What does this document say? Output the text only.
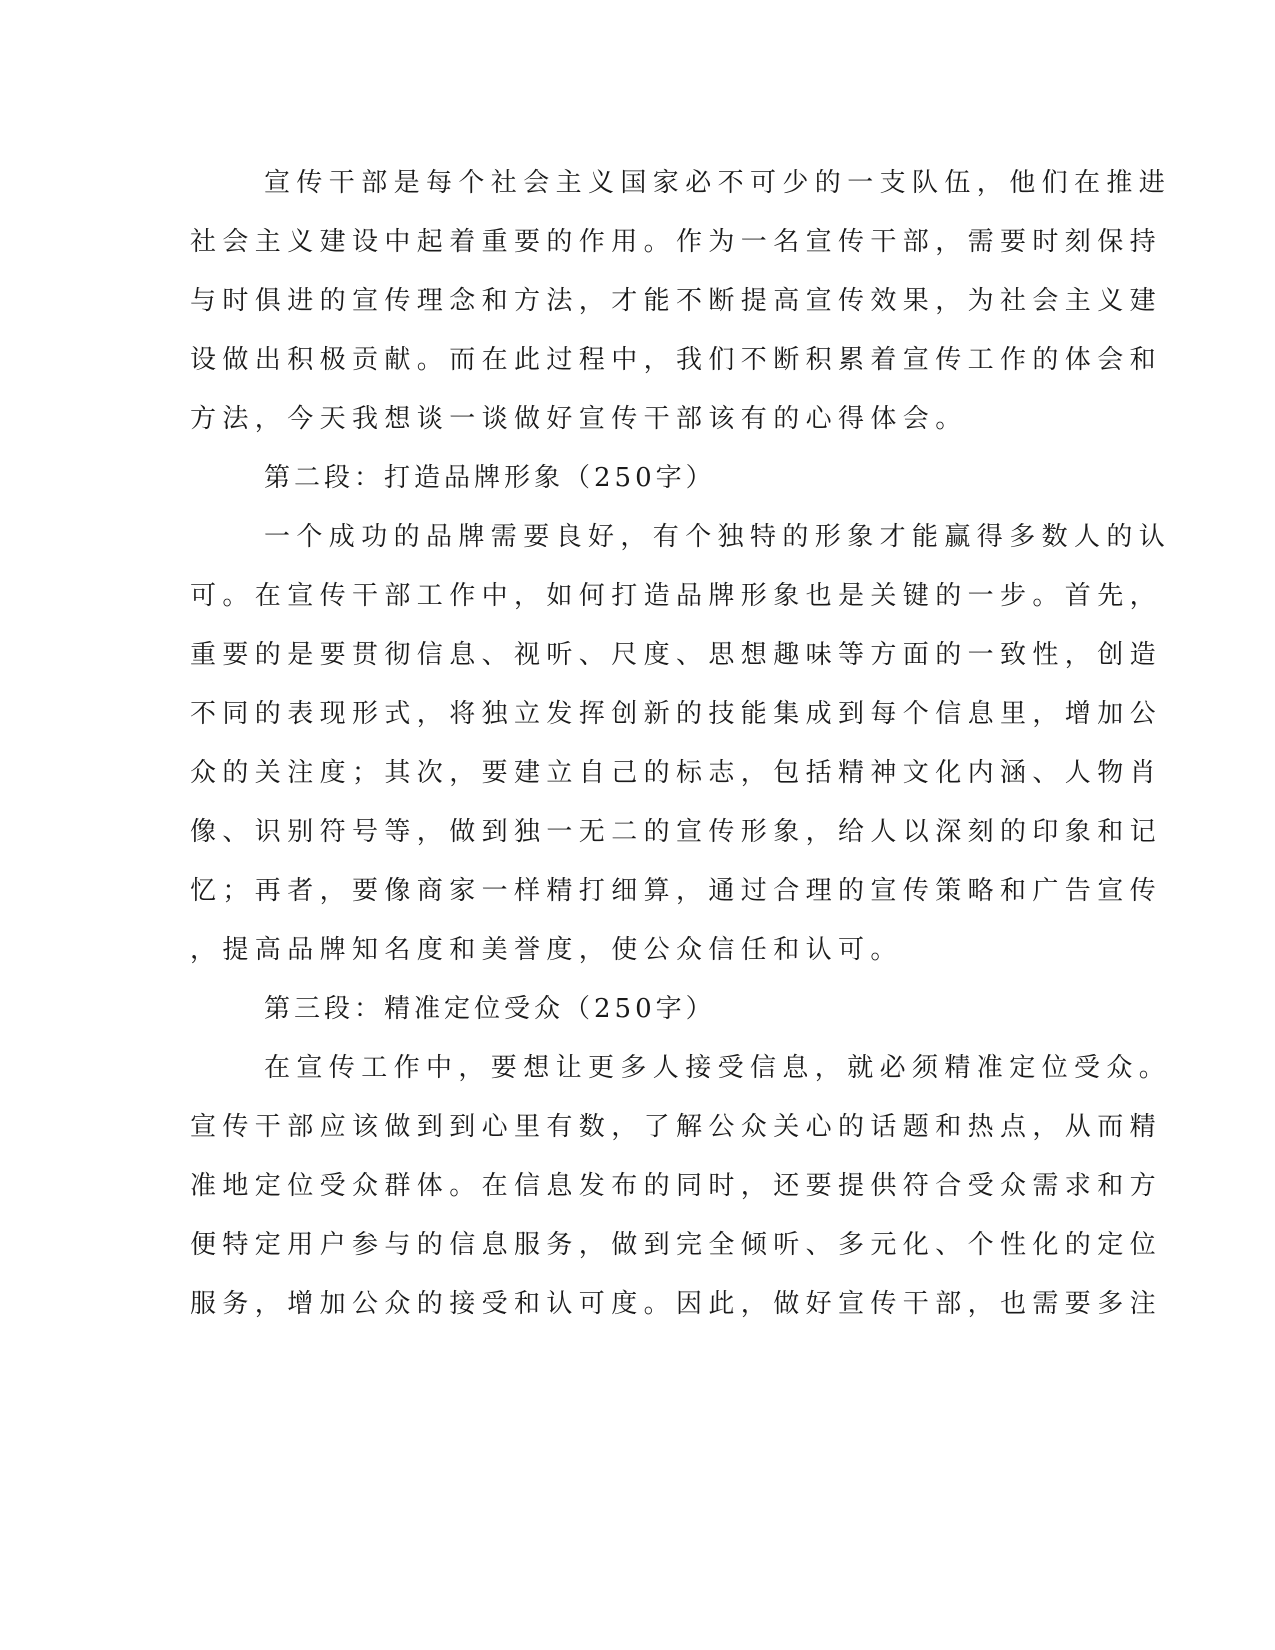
宣传干部是每个社会主义国家必不可少的一支队伍，他们在推进
社会主义建设中起着重要的作用。作为一名宣传干部，需要时刻保持
与时俱进的宣传理念和方法，才能不断提高宣传效果，为社会主义建
设做出积极贡献。而在此过程中，我们不断积累着宣传工作的体会和
方法，今天我想谈一谈做好宣传干部该有的心得体会。
第二段：打造品牌形象（250字）
一个成功的品牌需要良好，有个独特的形象才能赢得多数人的认
可。在宣传干部工作中，如何打造品牌形象也是关键的一步。首先，
重要的是要贯彻信息、视听、尺度、思想趣味等方面的一致性，创造
不同的表现形式，将独立发挥创新的技能集成到每个信息里，增加公
众的关注度；其次，要建立自己的标志，包括精神文化内涵、人物肖
像、识别符号等，做到独一无二的宣传形象，给人以深刻的印象和记
忆；再者，要像商家一样精打细算，通过合理的宣传策略和广告宣传
，提高品牌知名度和美誉度，使公众信任和认可。
第三段：精准定位受众（250字）
在宣传工作中，要想让更多人接受信息，就必须精准定位受众。
宣传干部应该做到到心里有数，了解公众关心的话题和热点，从而精
准地定位受众群体。在信息发布的同时，还要提供符合受众需求和方
便特定用户参与的信息服务，做到完全倾听、多元化、个性化的定位
服务，增加公众的接受和认可度。因此，做好宣传干部，也需要多注
